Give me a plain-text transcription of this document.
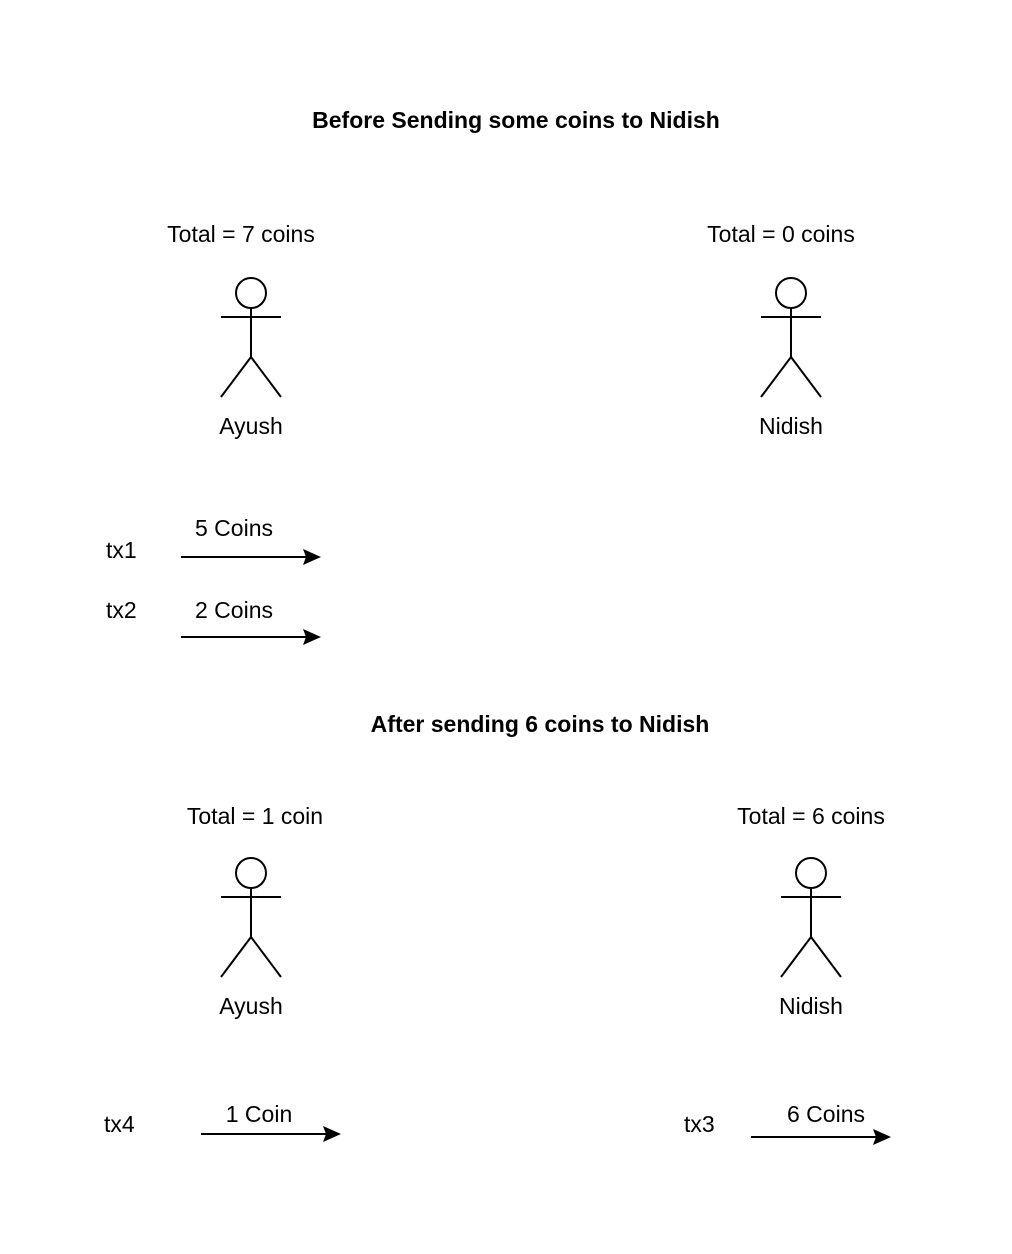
Before Sending some coins to Nidish
Total = 7 coins	Total = 0 coins
Ayush	Nidish
tx1
5 Coins
tx2	2 Coins
After sending 6 coins to Nidish
Total = 1 coin	Total = 6 coins
Ayush	Nidish
tx4	1 Coin	tx3	6 Coins
